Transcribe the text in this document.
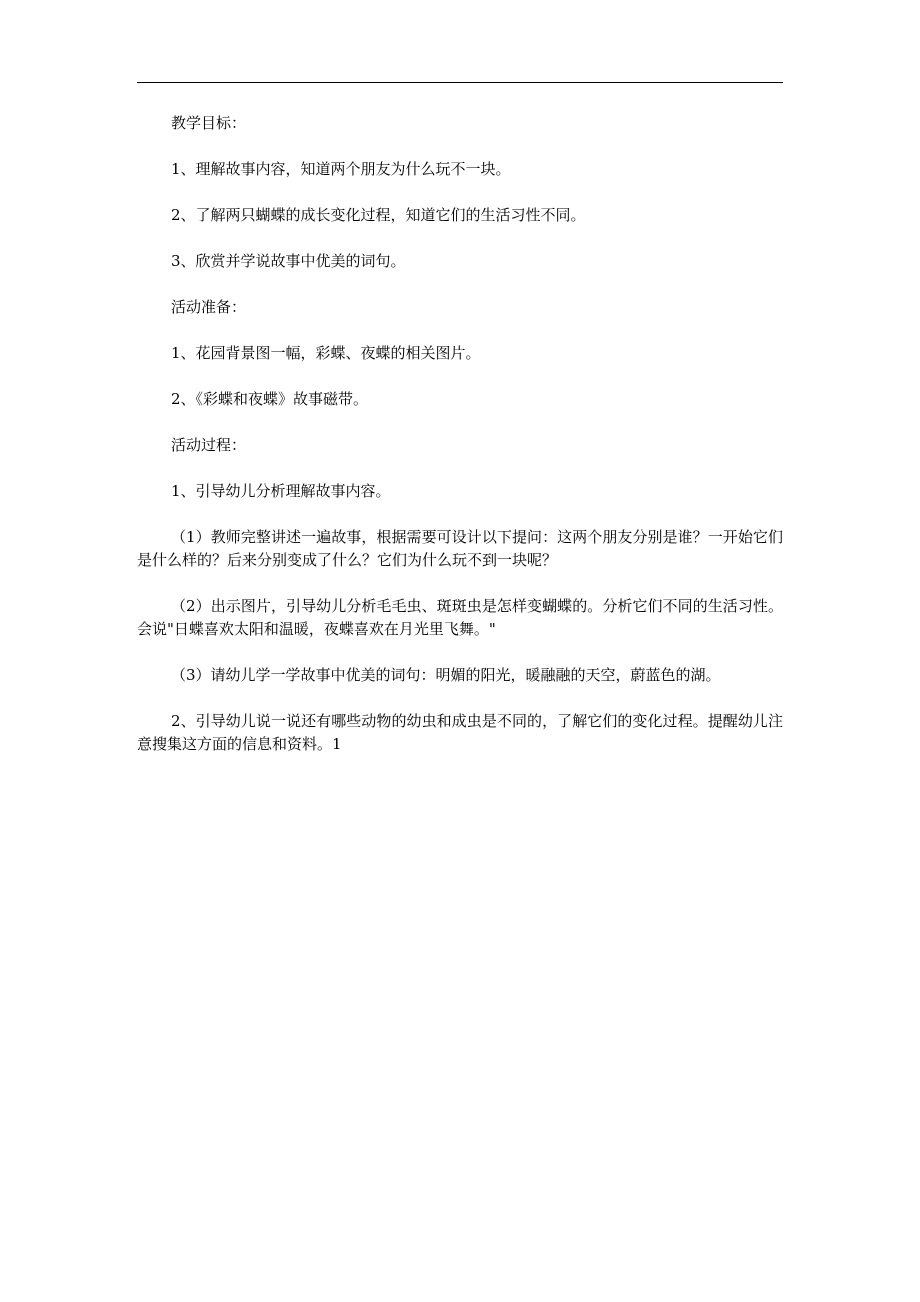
教学目标：

1、理解故事内容，知道两个朋友为什么玩不一块。

2、了解两只蝴蝶的成长变化过程，知道它们的生活习性不同。

3、欣赏并学说故事中优美的词句。

活动准备：

1、花园背景图一幅，彩蝶、夜蝶的相关图片。

2、《彩蝶和夜蝶》故事磁带。

活动过程：

1、引导幼儿分析理解故事内容。

（1）教师完整讲述一遍故事，根据需要可设计以下提问：这两个朋友分别是谁？一开始它们是什么样的？后来分别变成了什么？它们为什么玩不到一块呢？

（2）出示图片，引导幼儿分析毛毛虫、斑斑虫是怎样变蝴蝶的。分析它们不同的生活习性。会说"日蝶喜欢太阳和温暖，夜蝶喜欢在月光里飞舞。"

（3）请幼儿学一学故事中优美的词句：明媚的阳光，暖融融的天空，蔚蓝色的湖。

2、引导幼儿说一说还有哪些动物的幼虫和成虫是不同的，了解它们的变化过程。提醒幼儿注意搜集这方面的信息和资料。1
